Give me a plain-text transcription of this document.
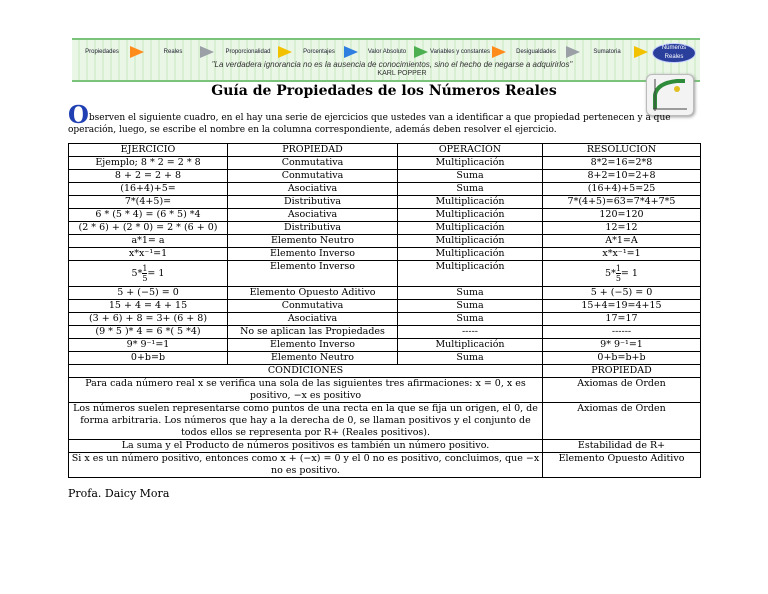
Propiedades	Reales	Proporcionalidad	Porcentajes	Valor Absoluto	Variables y constantes	Desigualdades	Sumatoria
Números Reales
"La verdadera ignorancia no es la ausencia de conocimientos, sino el hecho de negarse a adquirirlos"
KARL POPPER
Guía de Propiedades de los Números Reales
Observen el siguiente cuadro, en el hay una serie de ejercicios que ustedes van a identificar a que propiedad pertenecen y a que operación, luego, se escribe el nombre en la columna correspondiente, además deben resolver el ejercicio.
EJERCICIO	PROPIEDAD	OPERACIÓN	RESOLUCION
Ejemplo; 8 * 2 = 2 * 8	Conmutativa	Multiplicación	8*2=16=2*8
8 + 2 = 2 + 8	Conmutativa	Suma	8+2=10=2+8
(16+4)+5=	Asociativa	Suma	(16+4)+5=25
7*(4+5)=	Distributiva	Multiplicación	7*(4+5)=63=7*4+7*5
6 * (5 * 4) = (6 * 5) *4	Asociativa	Multiplicación	120=120
(2 * 6) + (2 * 0) = 2 * (6 + 0)	Distributiva	Multiplicación	12=12
a*1= a	Elemento Neutro	Multiplicación	A*1=A
x*x⁻¹=1	Elemento Inverso	Multiplicación	x*x⁻¹=1
$5* \frac{1}{5} = 1$	Elemento Inverso	Multiplicación	$5* \frac{1}{5} = 1$
5 + (−5) = 0	Elemento Opuesto Aditivo	Suma	5 + (−5) = 0
15 + 4 = 4 + 15	Conmutativa	Suma	15+4=19=4+15
(3 + 6) + 8 = 3+ (6 + 8)	Asociativa	Suma	17=17
(9 * 5 )* 4 = 6 *( 5 *4)	No se aplican las Propiedades	-----	------
9* 9⁻¹=1	Elemento Inverso	Multiplicación	9* 9⁻¹=1
0+b=b	Elemento Neutro	Suma	0+b=b+b
CONDICIONES			PROPIEDAD
Para cada número real x se verifica una sola de las siguientes tres afirmaciones: x = 0, x es positivo, −x es positivo			Axiomas de Orden
Los números suelen representarse como puntos de una recta en la que se fija un origen, el 0, de forma arbitraria. Los números que hay a la derecha de 0, se llaman positivos y el conjunto de todos ellos se representa por R+ (Reales positivos).			Axiomas de Orden
La suma y el Producto de números positivos es también un número positivo.			Estabilidad de R+
Si x es un número positivo, entonces como x + (−x) = 0 y el 0 no es positivo, concluimos, que −x no es positivo.			Elemento Opuesto Aditivo
Profa. Daicy Mora
